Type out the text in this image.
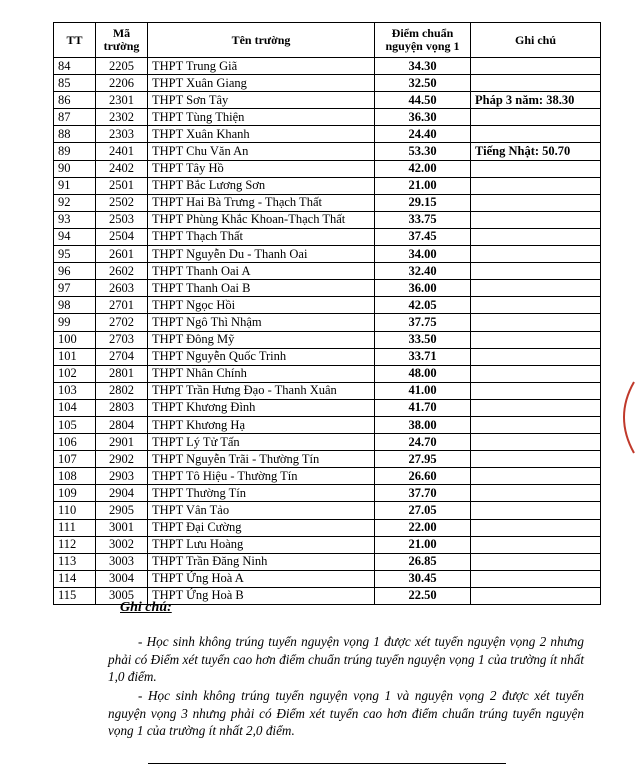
TT	Mã trường	Tên trường	Điểm chuẩn nguyện vọng 1	Ghi chú
84	2205	THPT Trung Giã	34.30	
85	2206	THPT Xuân Giang	32.50	
86	2301	THPT Sơn Tây	44.50	Pháp 3 năm: 38.30
87	2302	THPT Tùng Thiện	36.30	
88	2303	THPT Xuân Khanh	24.40	
89	2401	THPT Chu Văn An	53.30	Tiếng Nhật: 50.70
90	2402	THPT Tây Hồ	42.00	
91	2501	THPT Bắc Lương Sơn	21.00	
92	2502	THPT Hai Bà Trưng - Thạch Thất	29.15	
93	2503	THPT Phùng Khắc Khoan-Thạch Thất	33.75	
94	2504	THPT Thạch Thất	37.45	
95	2601	THPT Nguyễn Du - Thanh Oai	34.00	
96	2602	THPT Thanh Oai A	32.40	
97	2603	THPT Thanh Oai B	36.00	
98	2701	THPT Ngọc Hồi	42.05	
99	2702	THPT Ngô Thì Nhậm	37.75	
100	2703	THPT Đông Mỹ	33.50	
101	2704	THPT Nguyễn Quốc Trinh	33.71	
102	2801	THPT Nhân Chính	48.00	
103	2802	THPT Trần Hưng Đạo - Thanh Xuân	41.00	
104	2803	THPT Khương Đình	41.70	
105	2804	THPT Khương Hạ	38.00	
106	2901	THPT Lý Tử Tấn	24.70	
107	2902	THPT Nguyễn Trãi - Thường Tín	27.95	
108	2903	THPT Tô Hiệu - Thường Tín	26.60	
109	2904	THPT Thường Tín	37.70	
110	2905	THPT Vân Tảo	27.05	
111	3001	THPT Đại Cường	22.00	
112	3002	THPT Lưu Hoàng	21.00	
113	3003	THPT Trần Đăng Ninh	26.85	
114	3004	THPT Ứng Hoà A	30.45	
115	3005	THPT Ứng Hoà B	22.50	
Ghi chú:

- Học sinh không trúng tuyển nguyện vọng 1 được xét tuyển nguyện vọng 2 nhưng phải có Điểm xét tuyển cao hơn điểm chuẩn trúng tuyển nguyện vọng 1 của trường ít nhất 1,0 điểm.

- Học sinh không trúng tuyển nguyện vọng 1 và nguyện vọng 2 được xét tuyển nguyện vọng 3 nhưng phải có Điểm xét tuyển cao hơn điểm chuẩn trúng tuyển nguyện vọng 1 của trường ít nhất 2,0 điểm.
